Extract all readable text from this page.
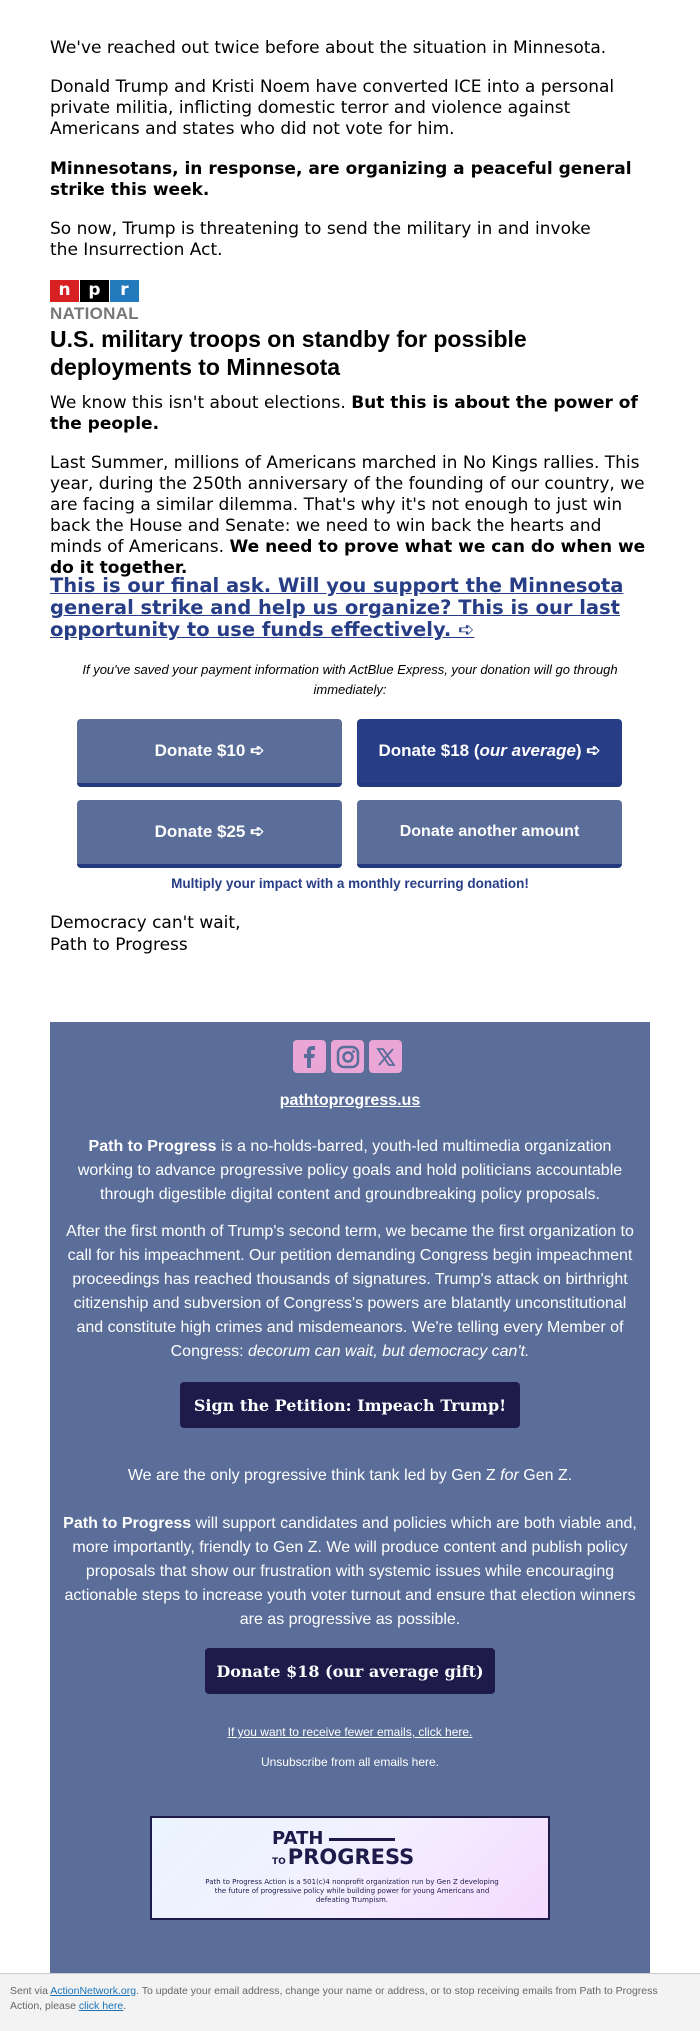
We've reached out twice before about the situation in Minnesota.
Donald Trump and Kristi Noem have converted ICE into a personal private militia, inflicting domestic terror and violence against Americans and states who did not vote for him.
Minnesotans, in response, are organizing a peaceful general strike this week.
So now, Trump is threatening to send the military in and invoke the Insurrection Act.
n	p	r
NATIONAL
U.S. military troops on standby for possible deployments to Minnesota
We know this isn't about elections. But this is about the power of the people.
Last Summer, millions of Americans marched in No Kings rallies. This year, during the 250th anniversary of the founding of our country, we are facing a similar dilemma. That's why it's not enough to just win back the House and Senate: we need to win back the hearts and minds of Americans. We need to prove what we can do when we do it together.
This is our final ask. Will you support the Minnesota general strike and help us organize? This is our last opportunity to use funds effectively. ➪
If you've saved your payment information with ActBlue Express, your donation will go through immediately:
Donate $10 ➪	Donate $18 ( our average ) ➪
Donate $25 ➪	Donate another amount
Multiply your impact with a monthly recurring donation!
Democracy can't wait,
Path to Progress
pathtoprogress.us
Path to Progress is a no-holds-barred, youth-led multimedia organization working to advance progressive policy goals and hold politicians accountable through digestible digital content and groundbreaking policy proposals.
After the first month of Trump's second term, we became the first organization to call for his impeachment. Our petition demanding Congress begin impeachment proceedings has reached thousands of signatures. Trump's attack on birthright citizenship and subversion of Congress's powers are blatantly unconstitutional and constitute high crimes and misdemeanors. We're telling every Member of Congress: decorum can wait, but democracy can't.
Sign the Petition: Impeach Trump!
We are the only progressive think tank led by Gen Z for Gen Z.
Path to Progress will support candidates and policies which are both viable and, more importantly, friendly to Gen Z. We will produce content and publish policy proposals that show our frustration with systemic issues while encouraging actionable steps to increase youth voter turnout and ensure that election winners are as progressive as possible.
Donate $18 (our average gift)
If you want to receive fewer emails, click here.
Unsubscribe from all emails here.
PATH
TOPROGRESS
Path to Progress Action is a 501(c)4 nonprofit organization run by Gen Z developing the future of progressive policy while building power for young Americans and defeating Trumpism.
Sent via ActionNetwork.org. To update your email address, change your name or address, or to stop receiving emails from Path to Progress Action, please click here.
